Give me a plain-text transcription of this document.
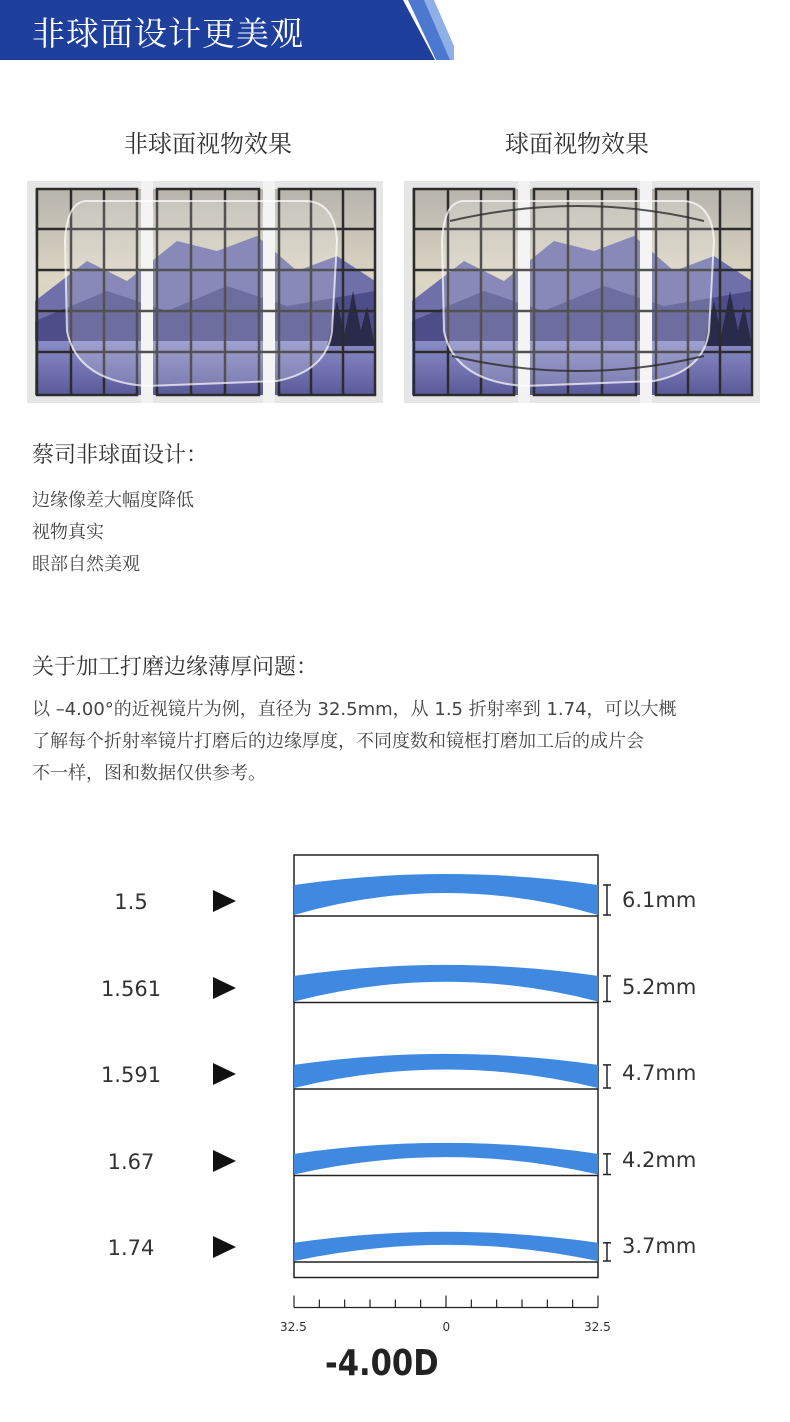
非球面设计更美观
非球面视物效果	球面视物效果
蔡司非球面设计：
边缘像差大幅度降低
视物真实
眼部自然美观
关于加工打磨边缘薄厚问题：
以 –4.00°的近视镜片为例，直径为 32.5mm，从 1.5 折射率到 1.74，可以大概
了解每个折射率镜片打磨后的边缘厚度，不同度数和镜框打磨加工后的成片会
不一样，图和数据仅供参考。
1.5	6.1mm
1.561	5.2mm
1.591	4.7mm
1.67	4.2mm
1.74	3.7mm
32.5	0	32.5
-4.00D
